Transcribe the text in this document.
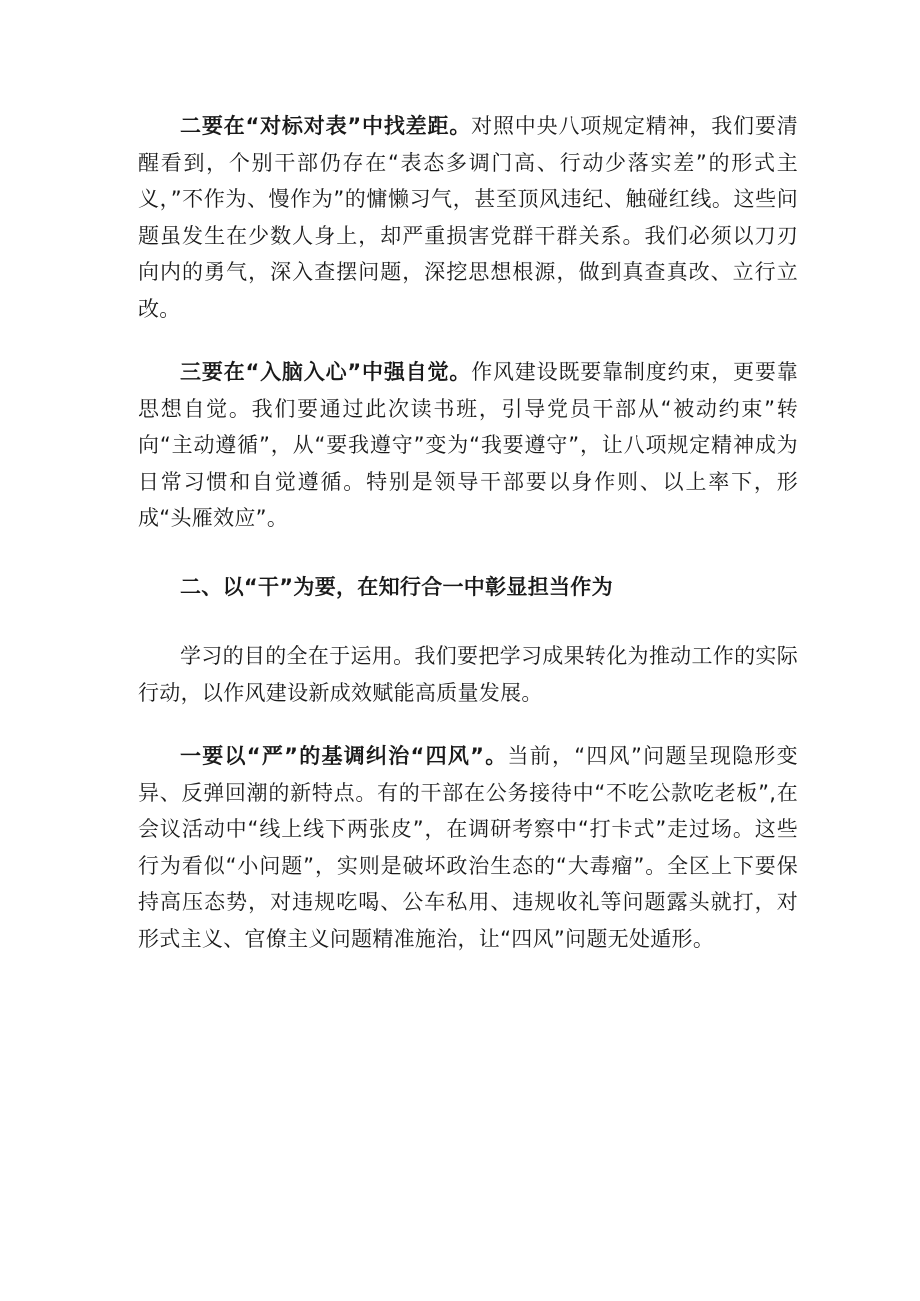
二要在“对标对表”中找差距。对照中央八项规定精神，我们要清醒看到，个别干部仍存在“表态多调门高、行动少落实差”的形式主义，”不作为、慢作为”的慵懒习气，甚至顶风违纪、触碰红线。这些问题虽发生在少数人身上，却严重损害党群干群关系。我们必须以刀刃向内的勇气，深入查摆问题，深挖思想根源，做到真查真改、立行立改。

三要在“入脑入心”中强自觉。作风建设既要靠制度约束，更要靠思想自觉。我们要通过此次读书班，引导党员干部从“被动约束”转向“主动遵循”，从“要我遵守”变为“我要遵守”，让八项规定精神成为日常习惯和自觉遵循。特别是领导干部要以身作则、以上率下，形成“头雁效应”。

二、以“干”为要，在知行合一中彰显担当作为

学习的目的全在于运用。我们要把学习成果转化为推动工作的实际行动，以作风建设新成效赋能高质量发展。

一要以“严”的基调纠治“四风”。当前，“四风”问题呈现隐形变异、反弹回潮的新特点。有的干部在公务接待中“不吃公款吃老板”,在会议活动中“线上线下两张皮”，在调研考察中“打卡式”走过场。这些行为看似“小问题”，实则是破坏政治生态的“大毒瘤”。全区上下要保持高压态势，对违规吃喝、公车私用、违规收礼等问题露头就打，对形式主义、官僚主义问题精准施治，让“四风”问题无处遁形。
